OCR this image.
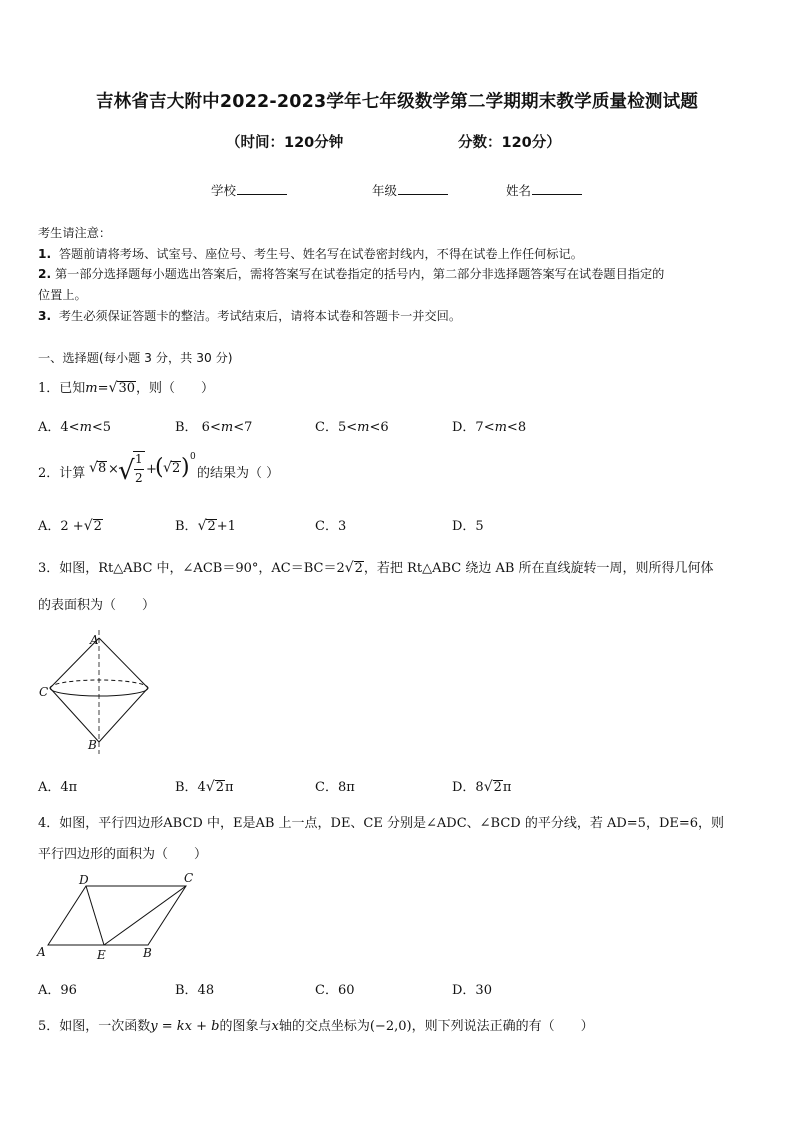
吉林省吉大附中2022-2023学年七年级数学第二学期期末教学质量检测试题
（时间：120分钟	分数：120分）
学校	年级	姓名
考生请注意：
1. 答题前请将考场、试室号、座位号、考生号、姓名写在试卷密封线内，不得在试卷上作任何标记。
2. 第一部分选择题每小题选出答案后，需将答案写在试卷指定的括号内，第二部分非选择题答案写在试卷题目指定的
位置上。
3. 考生必须保证答题卡的整洁。考试结束后，请将本试卷和答题卡一并交回。
一、选择题(每小题 3 分，共 30 分)
1．已知m=√30，则（　　）
A．4<m<5	B． 6<m<7	C．5<m<6	D．7<m<8
2．计算 √ 8 × √ 1
2
+
( √ 2 ) 0
的结果为（ ）
A．2 +√2	B．√2+1	C．3	D．5
3．如图，Rt△ABC 中，∠ACB＝90°，AC＝BC＝2√2，若把 Rt△ABC 绕边 AB 所在直线旋转一周，则所得几何体
的表面积为（　　）
A
C
B
A．4π	B．4√2π	C．8π	D．8√2π
4．如图，平行四边形ABCD 中，E是AB 上一点，DE、CE 分别是∠ADC、∠BCD 的平分线，若 AD=5，DE=6，则
平行四边形的面积为（　　）
A
D	C
E	B
A．96	B．48	C．60	D．30
5．如图，一次函数y = kx + b的图象与x轴的交点坐标为(−2,0)，则下列说法正确的有（　　）
